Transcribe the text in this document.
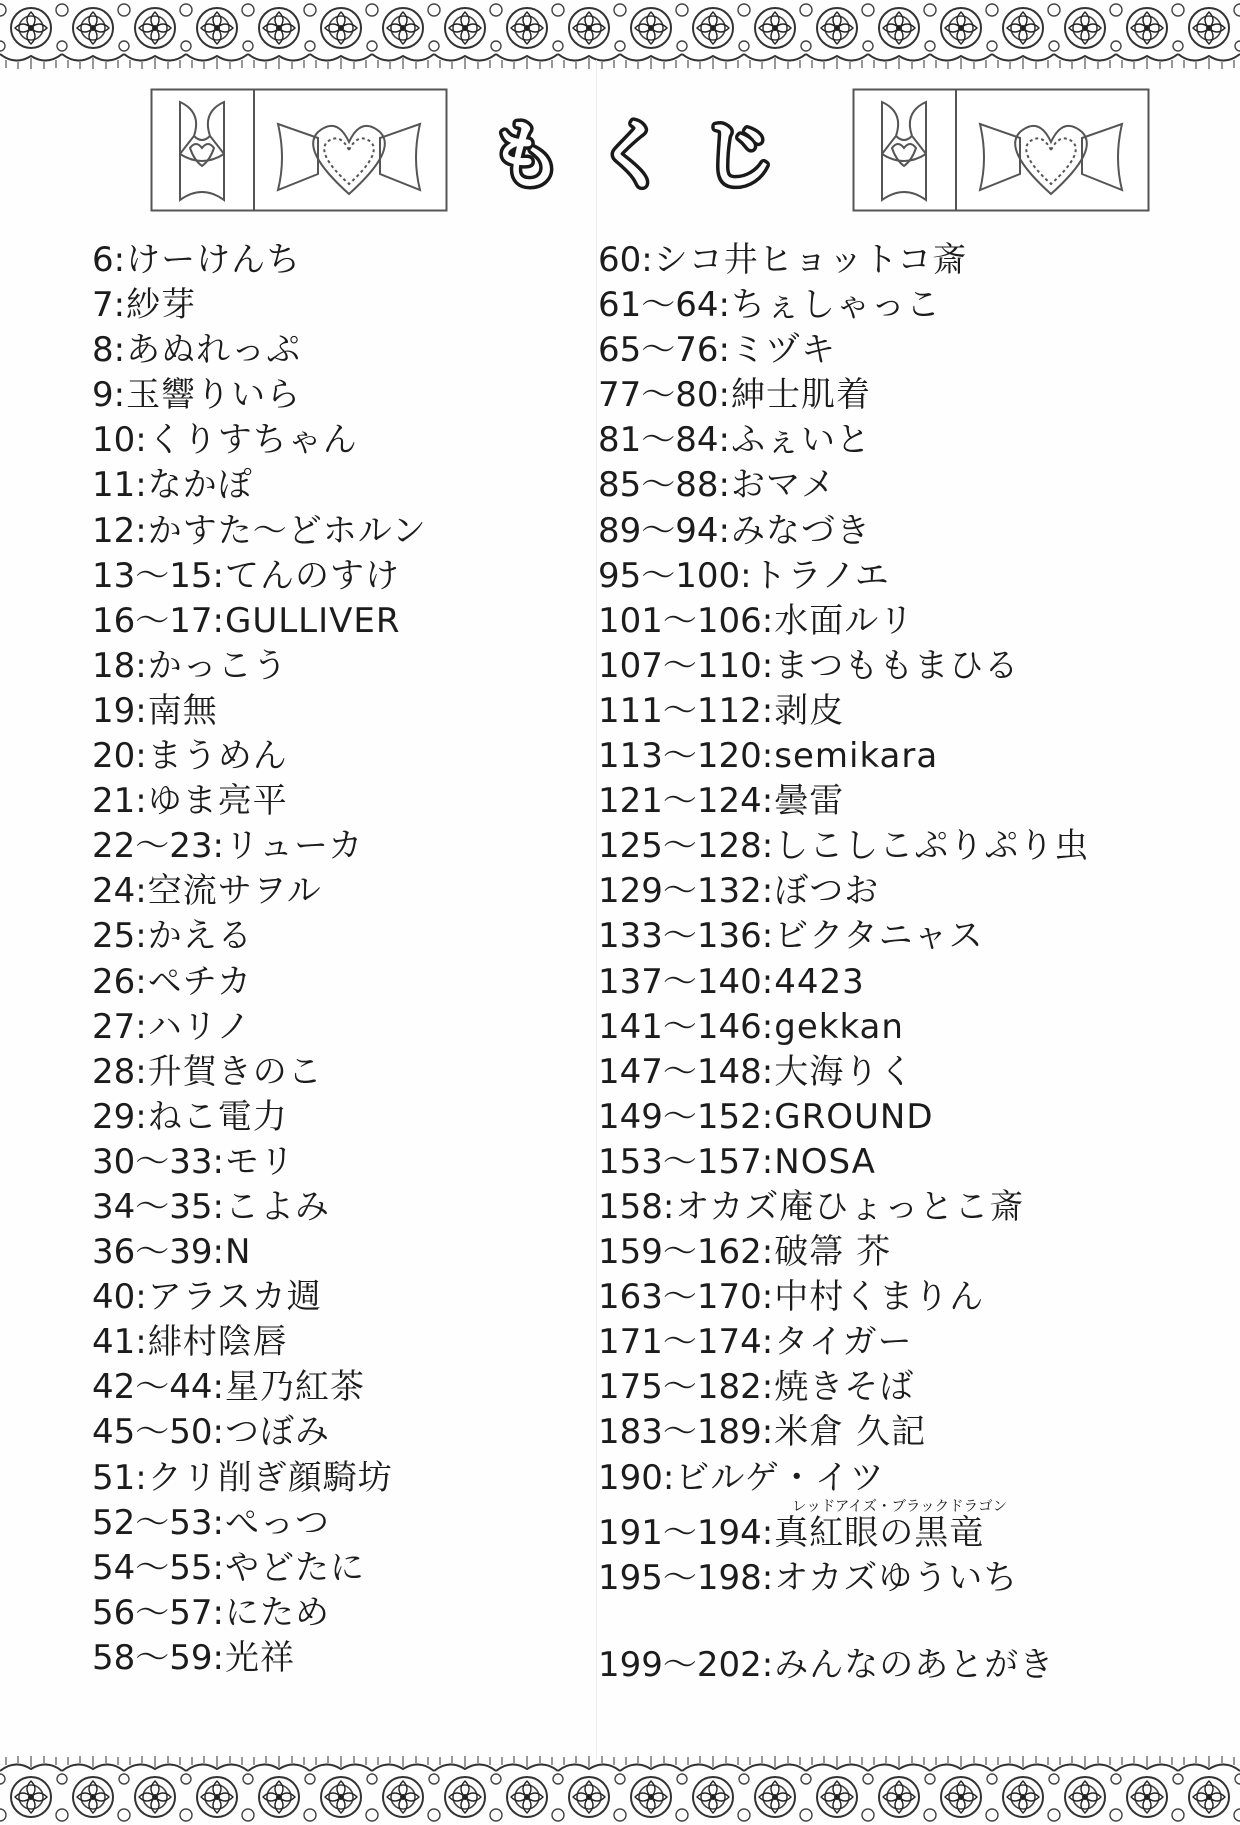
もくじ
6:けーけんち
7:紗芽
8:あぬれっぷ
9:玉響りいら
10:くりすちゃん
11:なかぽ
12:かすた〜どホルン
13〜15:てんのすけ
16〜17:GULLIVER
18:かっこう
19:南無
20:まうめん
21:ゆま亮平
22〜23:リューカ
24:空流サヲル
25:かえる
26:ペチカ
27:ハリノ
28:升賀きのこ
29:ねこ電力
30〜33:モリ
34〜35:こよみ
36〜39:N
40:アラスカ週
41:緋村陰唇
42〜44:星乃紅茶
45〜50:つぼみ
51:クリ削ぎ顔騎坊
52〜53:ぺっつ
54〜55:やどたに
56〜57:にため
58〜59:光祥
60:シコ井ヒョットコ斎
61〜64:ちぇしゃっこ
65〜76:ミヅキ
77〜80:紳士肌着
81〜84:ふぇいと
85〜88:おマメ
89〜94:みなづき
95〜100:トラノエ
101〜106:水面ルリ
107〜110:まつももまひる
111〜112:剥皮
113〜120:semikara
121〜124:曇雷
125〜128:しこしこぷりぷり虫
129〜132:ぼつお
133〜136:ビクタニャス
137〜140:4423
141〜146:gekkan
147〜148:大海りく
149〜152:GROUND
153〜157:NOSA
158:オカズ庵ひょっとこ斎
159〜162:破箒 芥
163〜170:中村くまりん
171〜174:タイガー
175〜182:焼きそば
183〜189:米倉 久記
190:ビルゲ・イツ
191〜194:真紅眼の黒竜
レッドアイズ・ブラックドラゴン
195〜198:オカズゆういち
199〜202:みんなのあとがき
